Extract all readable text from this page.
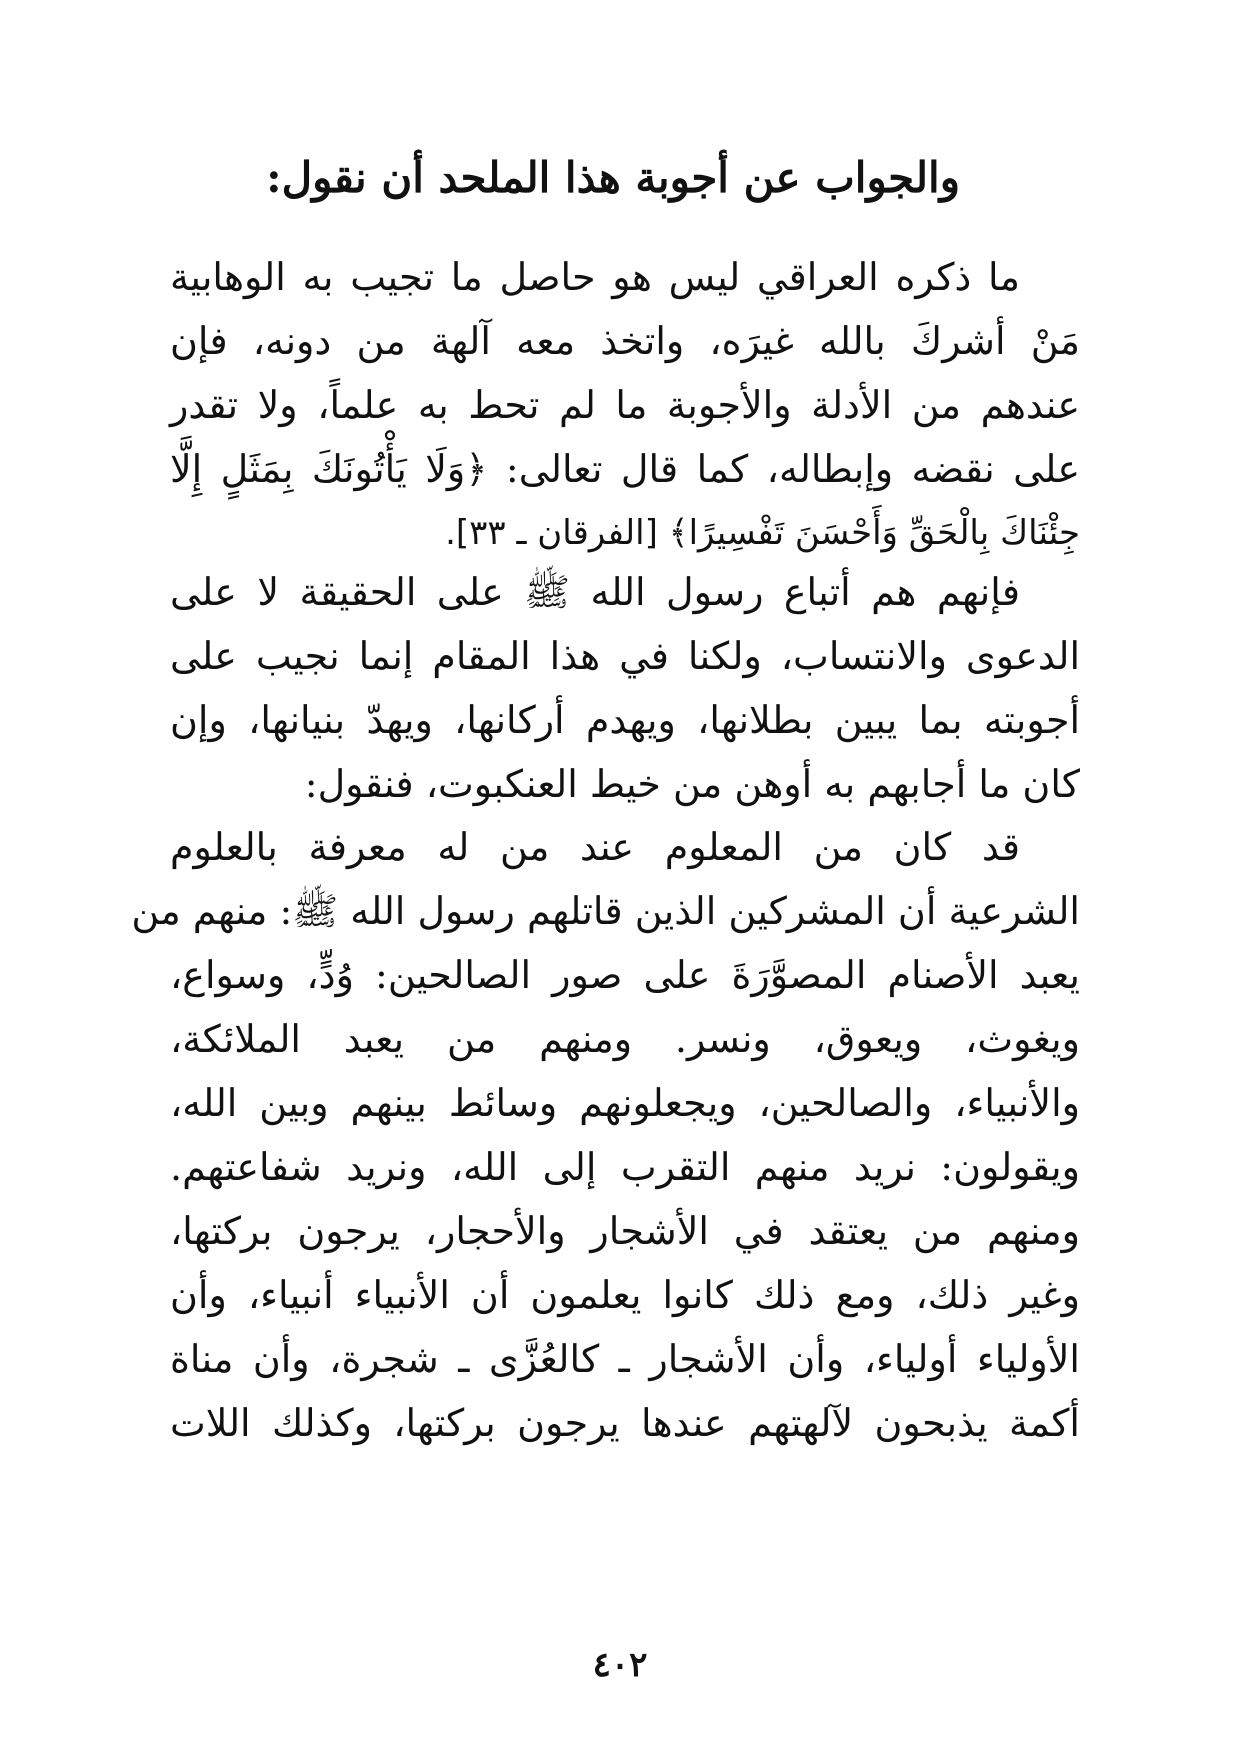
والجواب عن أجوبة هذا الملحد أن نقول:

ما ذكره العراقي ليس هو حاصل ما تجيب به الوهابية
مَنْ أشركَ بالله غيرَه، واتخذ معه آلهة من دونه، فإن
عندهم من الأدلة والأجوبة ما لم تحط به علماً، ولا تقدر
على نقضه وإبطاله، كما قال تعالى: ﴿وَلَا يَأْتُونَكَ بِمَثَلٍ إِلَّا
جِئْنَاكَ بِالْحَقِّ وَأَحْسَنَ تَفْسِيرًا﴾ [الفرقان ـ ٣٣].

فإنهم هم أتباع رسول الله ﷺ على الحقيقة لا على
الدعوى والانتساب، ولكنا في هذا المقام إنما نجيب على
أجوبته بما يبين بطلانها، ويهدم أركانها، ويهدّ بنيانها، وإن
كان ما أجابهم به أوهن من خيط العنكبوت، فنقول:

قد كان من المعلوم عند من له معرفة بالعلوم
الشرعية أن المشركين الذين قاتلهم رسول الله ﷺ: منهم من
يعبد الأصنام المصوَّرَةَ على صور الصالحين: وُدٍّ، وسواع،
ويغوث، ويعوق، ونسر. ومنهم من يعبد الملائكة،
والأنبياء، والصالحين، ويجعلونهم وسائط بينهم وبين الله،
ويقولون: نريد منهم التقرب إلى الله، ونريد شفاعتهم.
ومنهم من يعتقد في الأشجار والأحجار، يرجون بركتها،
وغير ذلك، ومع ذلك كانوا يعلمون أن الأنبياء أنبياء، وأن
الأولياء أولياء، وأن الأشجار ـ كالعُزَّى ـ شجرة، وأن مناة
أكمة يذبحون لآلهتهم عندها يرجون بركتها، وكذلك اللات

٤٠٢
